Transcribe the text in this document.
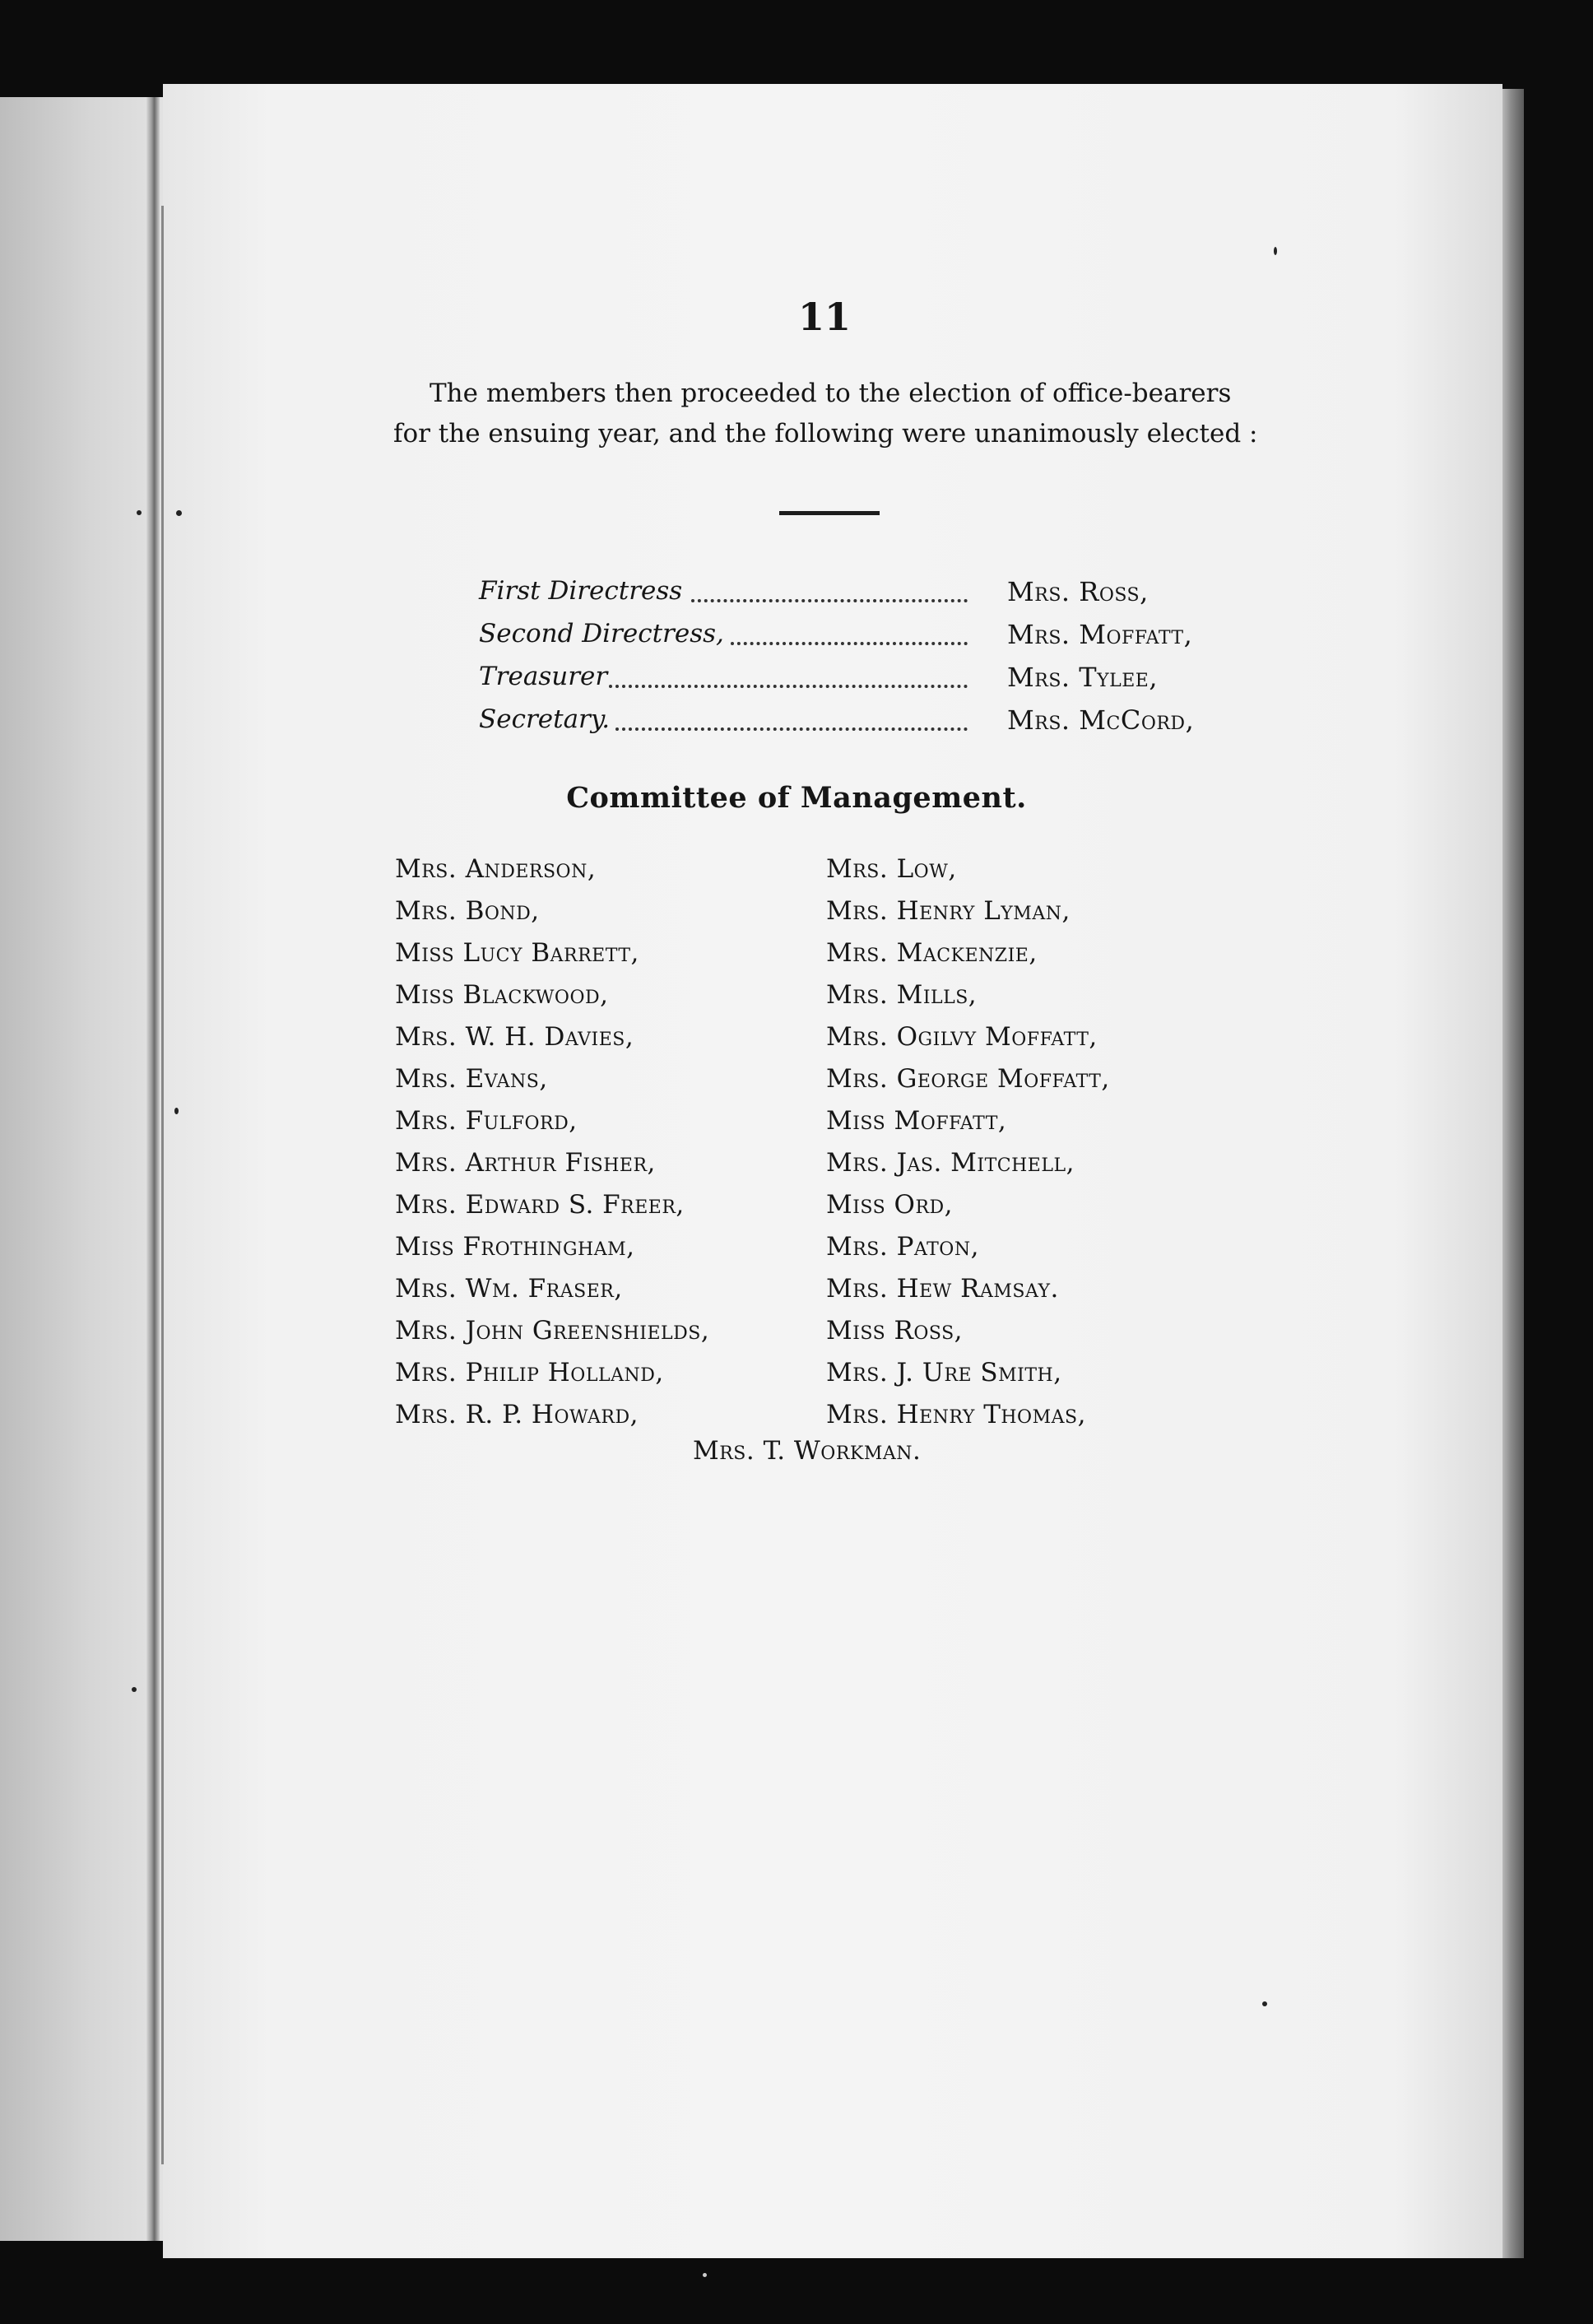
11
The members then proceeded to the election of office-bearers
for the ensuing year, and the following were unanimously elected :
First Directress	Mrs. Ross,
Second Directress,	Mrs. Moffatt,
Treasurer	Mrs. Tylee,
Secretary.	Mrs. McCord,
Committee of Management.
Mrs. Anderson,
Mrs. Bond,
Miss Lucy Barrett,
Miss Blackwood,
Mrs. W. H. Davies,
Mrs. Evans,
Mrs. Fulford,
Mrs. Arthur Fisher,
Mrs. Edward S. Freer,
Miss Frothingham,
Mrs. Wm. Fraser,
Mrs. John Greenshields,
Mrs. Philip Holland,
Mrs. R. P. Howard,
Mrs. Low,
Mrs. Henry Lyman,
Mrs. Mackenzie,
Mrs. Mills,
Mrs. Ogilvy Moffatt,
Mrs. George Moffatt,
Miss Moffatt,
Mrs. Jas. Mitchell,
Miss Ord,
Mrs. Paton,
Mrs. Hew Ramsay.
Miss Ross,
Mrs. J. Ure Smith,
Mrs. Henry Thomas,
Mrs. T. Workman.
